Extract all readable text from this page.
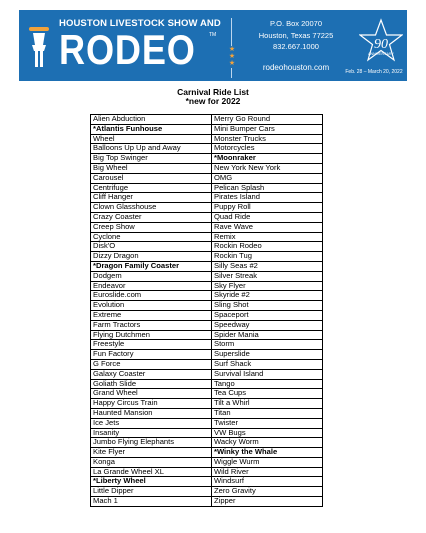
HOUSTON LIVESTOCK SHOW AND
RODEO	TM
★
★
★
P.O. Box 20070
Houston, Texas 77225
832.667.1000
rodeohouston.com
90
ANNIVERSARY
Feb. 28 – March 20, 2022
Carnival Ride List
*new for 2022
Alien Abduction	Merry Go Round
*Atlantis Funhouse	Mini Bumper Cars
Wheel	Monster Trucks
Balloons Up Up and Away	Motorcycles
Big Top Swinger	*Moonraker
Big Wheel	New York New York
Carousel	OMG
Centrifuge	Pelican Splash
Cliff Hanger	Pirates Island
Clown Glasshouse	Puppy Roll
Crazy Coaster	Quad Ride
Creep Show	Rave Wave
Cyclone	Remix
Disk'O	Rockin Rodeo
Dizzy Dragon	Rockin Tug
*Dragon Family Coaster	Silly Seas #2
Dodgem	Silver Streak
Endeavor	Sky Flyer
Euroslide.com	Skyride #2
Evolution	Sling Shot
Extreme	Spaceport
Farm Tractors	Speedway
Flying Dutchmen	Spider Mania
Freestyle	Storm
Fun Factory	Superslide
G Force	Surf Shack
Galaxy Coaster	Survival Island
Goliath Slide	Tango
Grand Wheel	Tea Cups
Happy Circus Train	Tilt a Whirl
Haunted Mansion	Titan
Ice Jets	Twister
Insanity	VW Bugs
Jumbo Flying Elephants	Wacky Worm
Kite Flyer	*Winky the Whale
Konga	Wiggle Wurm
La Grande Wheel XL	Wild River
*Liberty Wheel	Windsurf
Little Dipper	Zero Gravity
Mach 1	Zipper
